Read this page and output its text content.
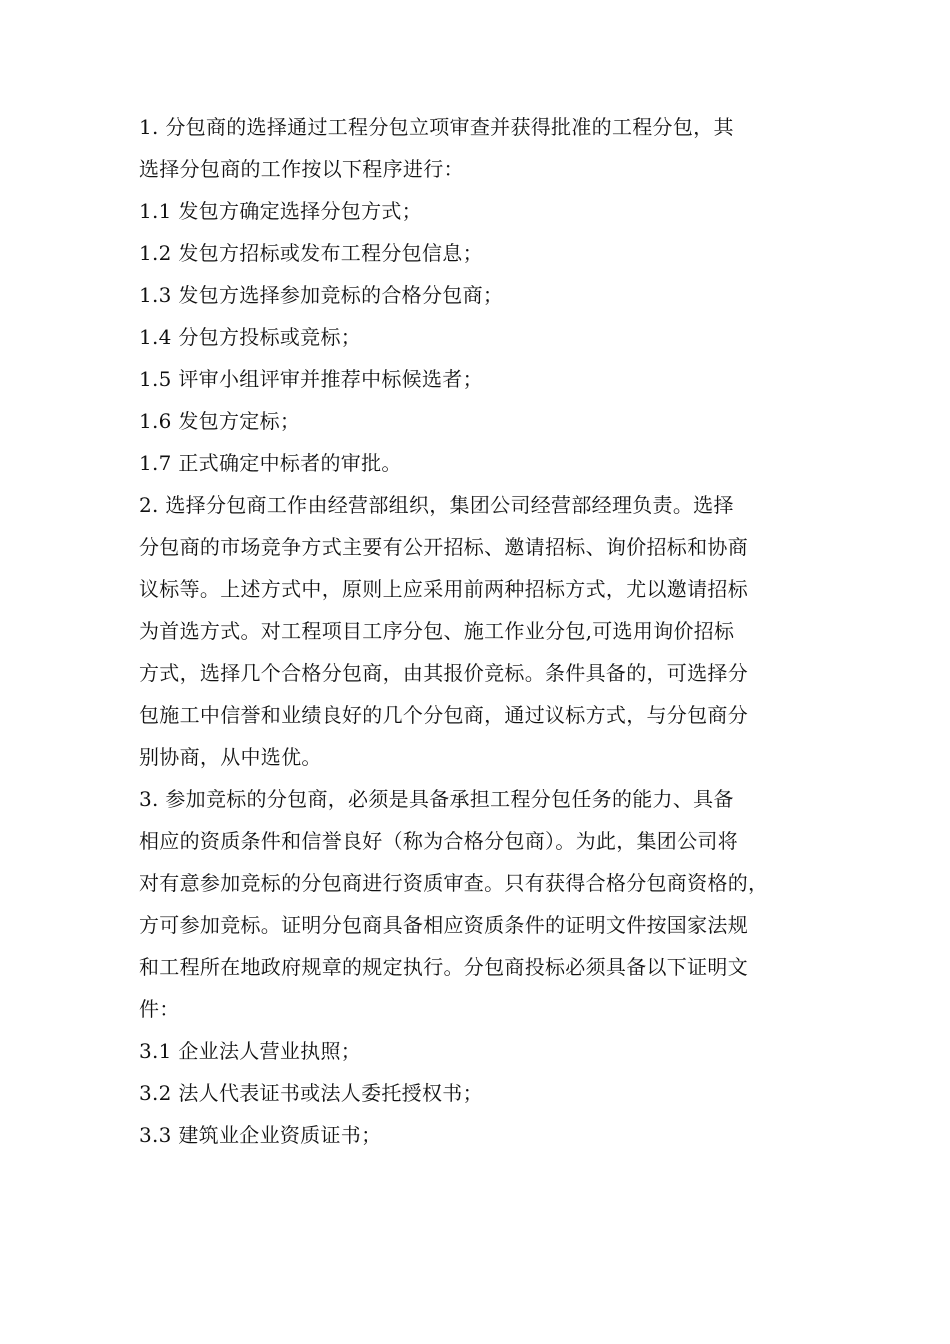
1. 分包商的选择通过工程分包立项审查并获得批准的工程分包，其
选择分包商的工作按以下程序进行：
1.1 发包方确定选择分包方式；
1.2 发包方招标或发布工程分包信息；
1.3 发包方选择参加竞标的合格分包商；
1.4 分包方投标或竞标；
1.5 评审小组评审并推荐中标候选者；
1.6 发包方定标；
1.7 正式确定中标者的审批。
2. 选择分包商工作由经营部组织，集团公司经营部经理负责。选择
分包商的市场竞争方式主要有公开招标、邀请招标、询价招标和协商
议标等。上述方式中，原则上应采用前两种招标方式，尤以邀请招标
为首选方式。对工程项目工序分包、施工作业分包,可选用询价招标
方式，选择几个合格分包商，由其报价竞标。条件具备的，可选择分
包施工中信誉和业绩良好的几个分包商，通过议标方式，与分包商分
别协商，从中选优。
3. 参加竞标的分包商，必须是具备承担工程分包任务的能力、具备
相应的资质条件和信誉良好（称为合格分包商）。为此，集团公司将
对有意参加竞标的分包商进行资质审查。只有获得合格分包商资格的，
方可参加竞标。证明分包商具备相应资质条件的证明文件按国家法规
和工程所在地政府规章的规定执行。分包商投标必须具备以下证明文
件：
3.1 企业法人营业执照；
3.2 法人代表证书或法人委托授权书；
3.3 建筑业企业资质证书；
